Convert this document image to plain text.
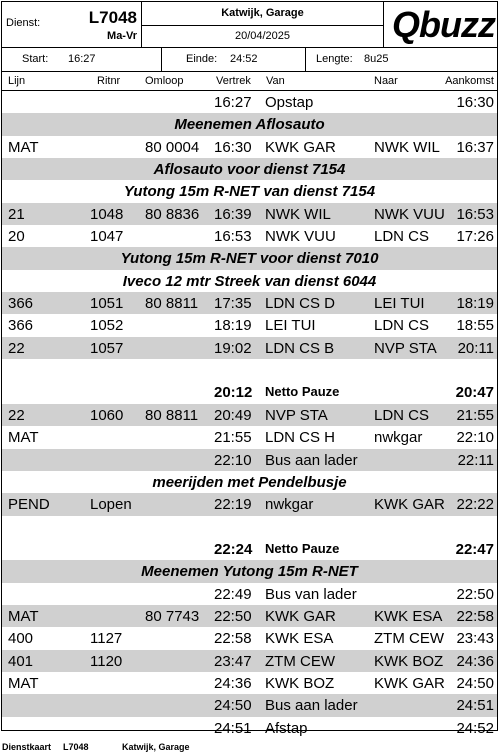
Dienst:	L7048
Ma-Vr
Katwijk, Garage
20/04/2025	Qbuzz
Start: 16:27	Einde: 24:52	Lengte: 8u25
Lijn	Ritnr Omloop	Vertrek Van	Naar	Aankomst
16:27 Opstap	16:30
Meenemen Aflosauto
MAT	80 0004 16:30 KWK GAR	NWK WIL 16:37
Aflosauto voor dienst 7154
Yutong 15m R-NET van dienst 7154
21	1048 80 8836 16:39 NWK WIL	NWK VUU 16:53
20	1047	16:53 NWK VUU	LDN CS 17:26
Yutong 15m R-NET voor dienst 7010
Iveco 12 mtr Streek van dienst 6044
366	1051 80 8811 17:35 LDN CS D	LEI TUI 18:19
366	1052	18:19 LEI TUI	LDN CS 18:55
22	1057	19:02 LDN CS B	NVP STA 20:11
20:12 Netto Pauze	20:47
22	1060 80 8811 20:49 NVP STA	LDN CS 21:55
MAT	21:55 LDN CS H	nwkgar 22:10
22:10 Bus aan lader	22:11
meerijden met Pendelbusje
PEND	Lopen	22:19 nwkgar	KWK GAR 22:22
22:24 Netto Pauze	22:47
Meenemen Yutong 15m R-NET
22:49 Bus van lader	22:50
MAT	80 7743 22:50 KWK GAR	KWK ESA 22:58
400	1127	22:58 KWK ESA	ZTM CEW 23:43
401	1120	23:47 ZTM CEW	KWK BOZ 24:36
MAT	24:36 KWK BOZ	KWK GAR 24:50
24:50 Bus aan lader	24:51
24:51 Afstap	24:52
Dienstkaart L7048	Katwijk, Garage
